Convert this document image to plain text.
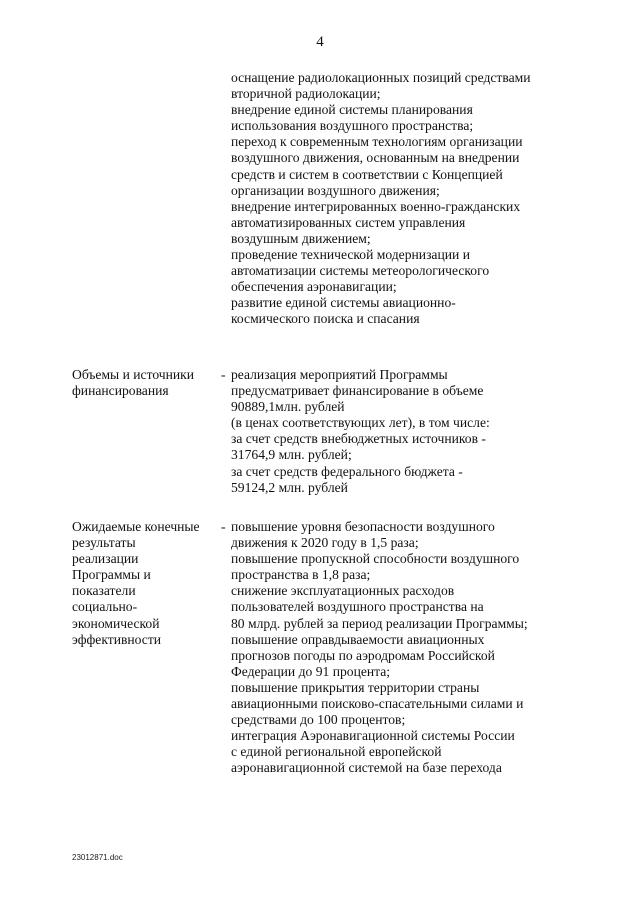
4
оснащение радиолокационных позиций средствами
вторичной радиолокации;
внедрение единой системы планирования
использования воздушного пространства;
переход к современным технологиям организации
воздушного движения, основанным на внедрении
средств и систем в соответствии с Концепцией
организации воздушного движения;
внедрение интегрированных военно-гражданских
автоматизированных систем управления
воздушным движением;
проведение технической модернизации и
автоматизации системы метеорологического
обеспечения аэронавигации;
развитие единой системы авиационно-
космического поиска и спасания
Объемы и источники
финансирования
- реализация мероприятий Программы
предусматривает финансирование в объеме
90889,1млн. рублей
(в ценах соответствующих лет), в том числе:
за счет средств внебюджетных источников -
31764,9 млн. рублей;
за счет средств федерального бюджета -
59124,2 млн. рублей
Ожидаемые конечные
результаты
реализации
Программы и
показатели
социально-
экономической
эффективности
- повышение уровня безопасности воздушного
движения к 2020 году в 1,5 раза;
повышение пропускной способности воздушного
пространства в 1,8 раза;
снижение эксплуатационных расходов
пользователей воздушного пространства на
80 млрд. рублей за период реализации Программы;
повышение оправдываемости авиационных
прогнозов погоды по аэродромам Российской
Федерации до 91 процента;
повышение прикрытия территории страны
авиационными поисково-спасательными силами и
средствами до 100 процентов;
интеграция Аэронавигационной системы России
с единой региональной европейской
аэронавигационной системой на базе перехода
23012871.doc
